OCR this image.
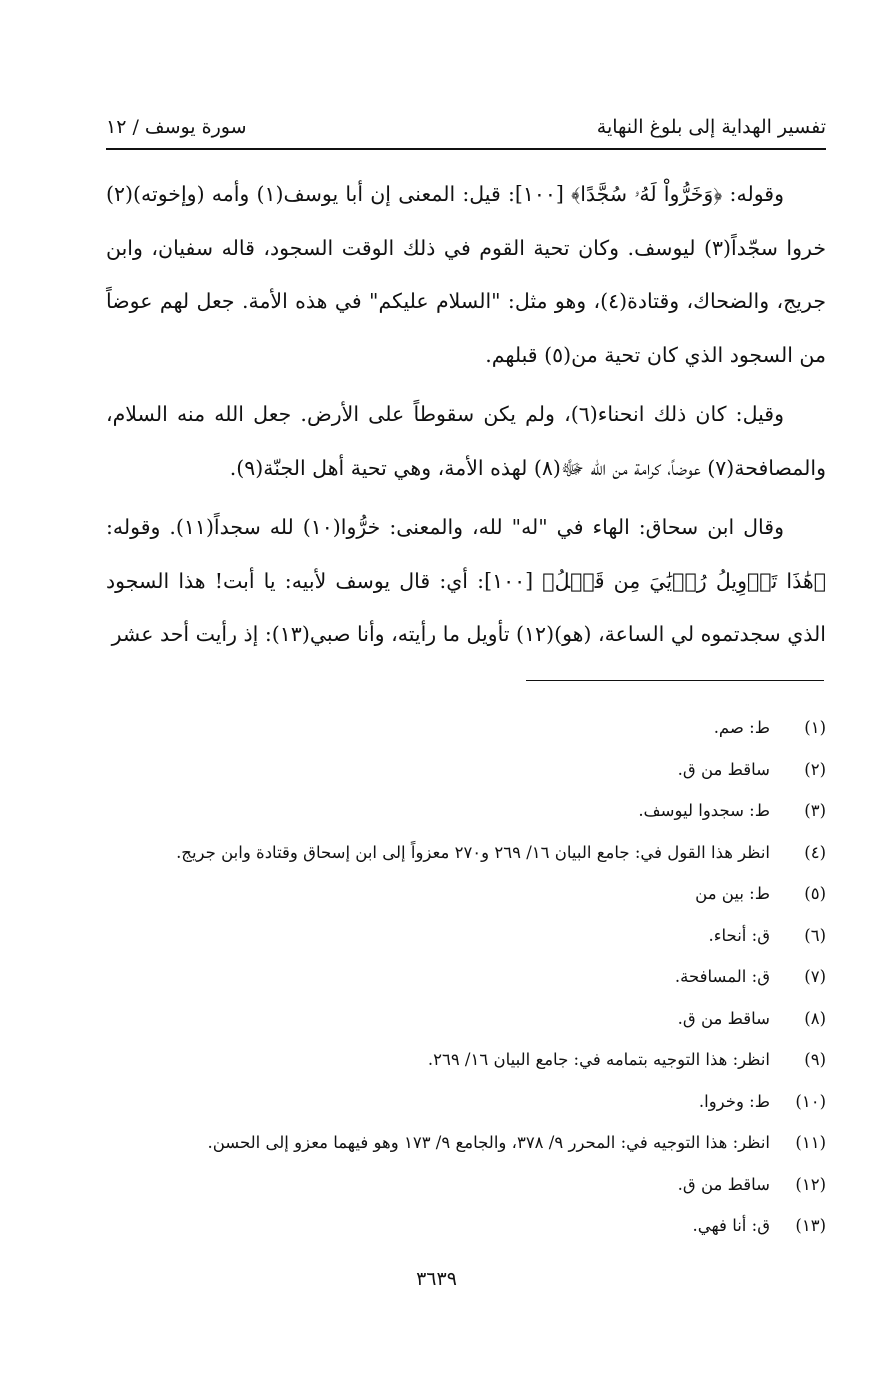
تفسير الهداية إلى بلوغ النهاية
سورة يوسف / ١٢

وقوله: ﴿وَخَرُّواْ لَهُۥ سُجَّدًا﴾ [١٠٠]: قيل: المعنى إن أبا يوسف(١) وأمه (وإخوته)(٢) خروا سجّداً(٣) ليوسف. وكان تحية القوم في ذلك الوقت السجود، قاله سفيان، وابن جريج، والضحاك، وقتادة(٤)، وهو مثل: "السلام عليكم" في هذه الأمة. جعل لهم عوضاً من السجود الذي كان تحية من(٥) قبلهم.

وقيل: كان ذلك انحناء(٦)، ولم يكن سقوطاً على الأرض. جعل الله منه السلام، والمصافحة(٧) عوضاً، كرامة من الله ﷻ(٨) لهذه الأمة، وهي تحية أهل الجنّة(٩).

وقال ابن سحاق: الهاء في "له" لله، والمعنى: خرُّوا(١٠) لله سجداً(١١). وقوله: ﴿هَٰذَا تَأۡوِيلُ رُءۡيَٰيَ مِن قَبۡلُ﴾ [١٠٠]: أي: قال يوسف لأبيه: يا أبت! هذا السجود الذي سجدتموه لي الساعة، (هو)(١٢) تأويل ما رأيته، وأنا صبي(١٣): إذ رأيت أحد عشر

(١)
ط: صم.
(٢)
ساقط من ق.
(٣)
ط: سجدوا ليوسف.
(٤)
انظر هذا القول في: جامع البيان ١٦/ ٢٦٩ و٢٧٠ معزواً إلى ابن إسحاق وقتادة وابن جريج.
(٥)
ط: بين من
(٦)
ق: أنحاء.
(٧)
ق: المسافحة.
(٨)
ساقط من ق.
(٩)
انظر: هذا التوجيه بتمامه في: جامع البيان ١٦/ ٢٦٩.
(١٠)
ط: وخروا.
(١١)
انظر: هذا التوجيه في: المحرر ٩/ ٣٧٨، والجامع ٩/ ١٧٣ وهو فيهما معزو إلى الحسن.
(١٢)
ساقط من ق.
(١٣)
ق: أنا فهي.
٣٦٣٩
